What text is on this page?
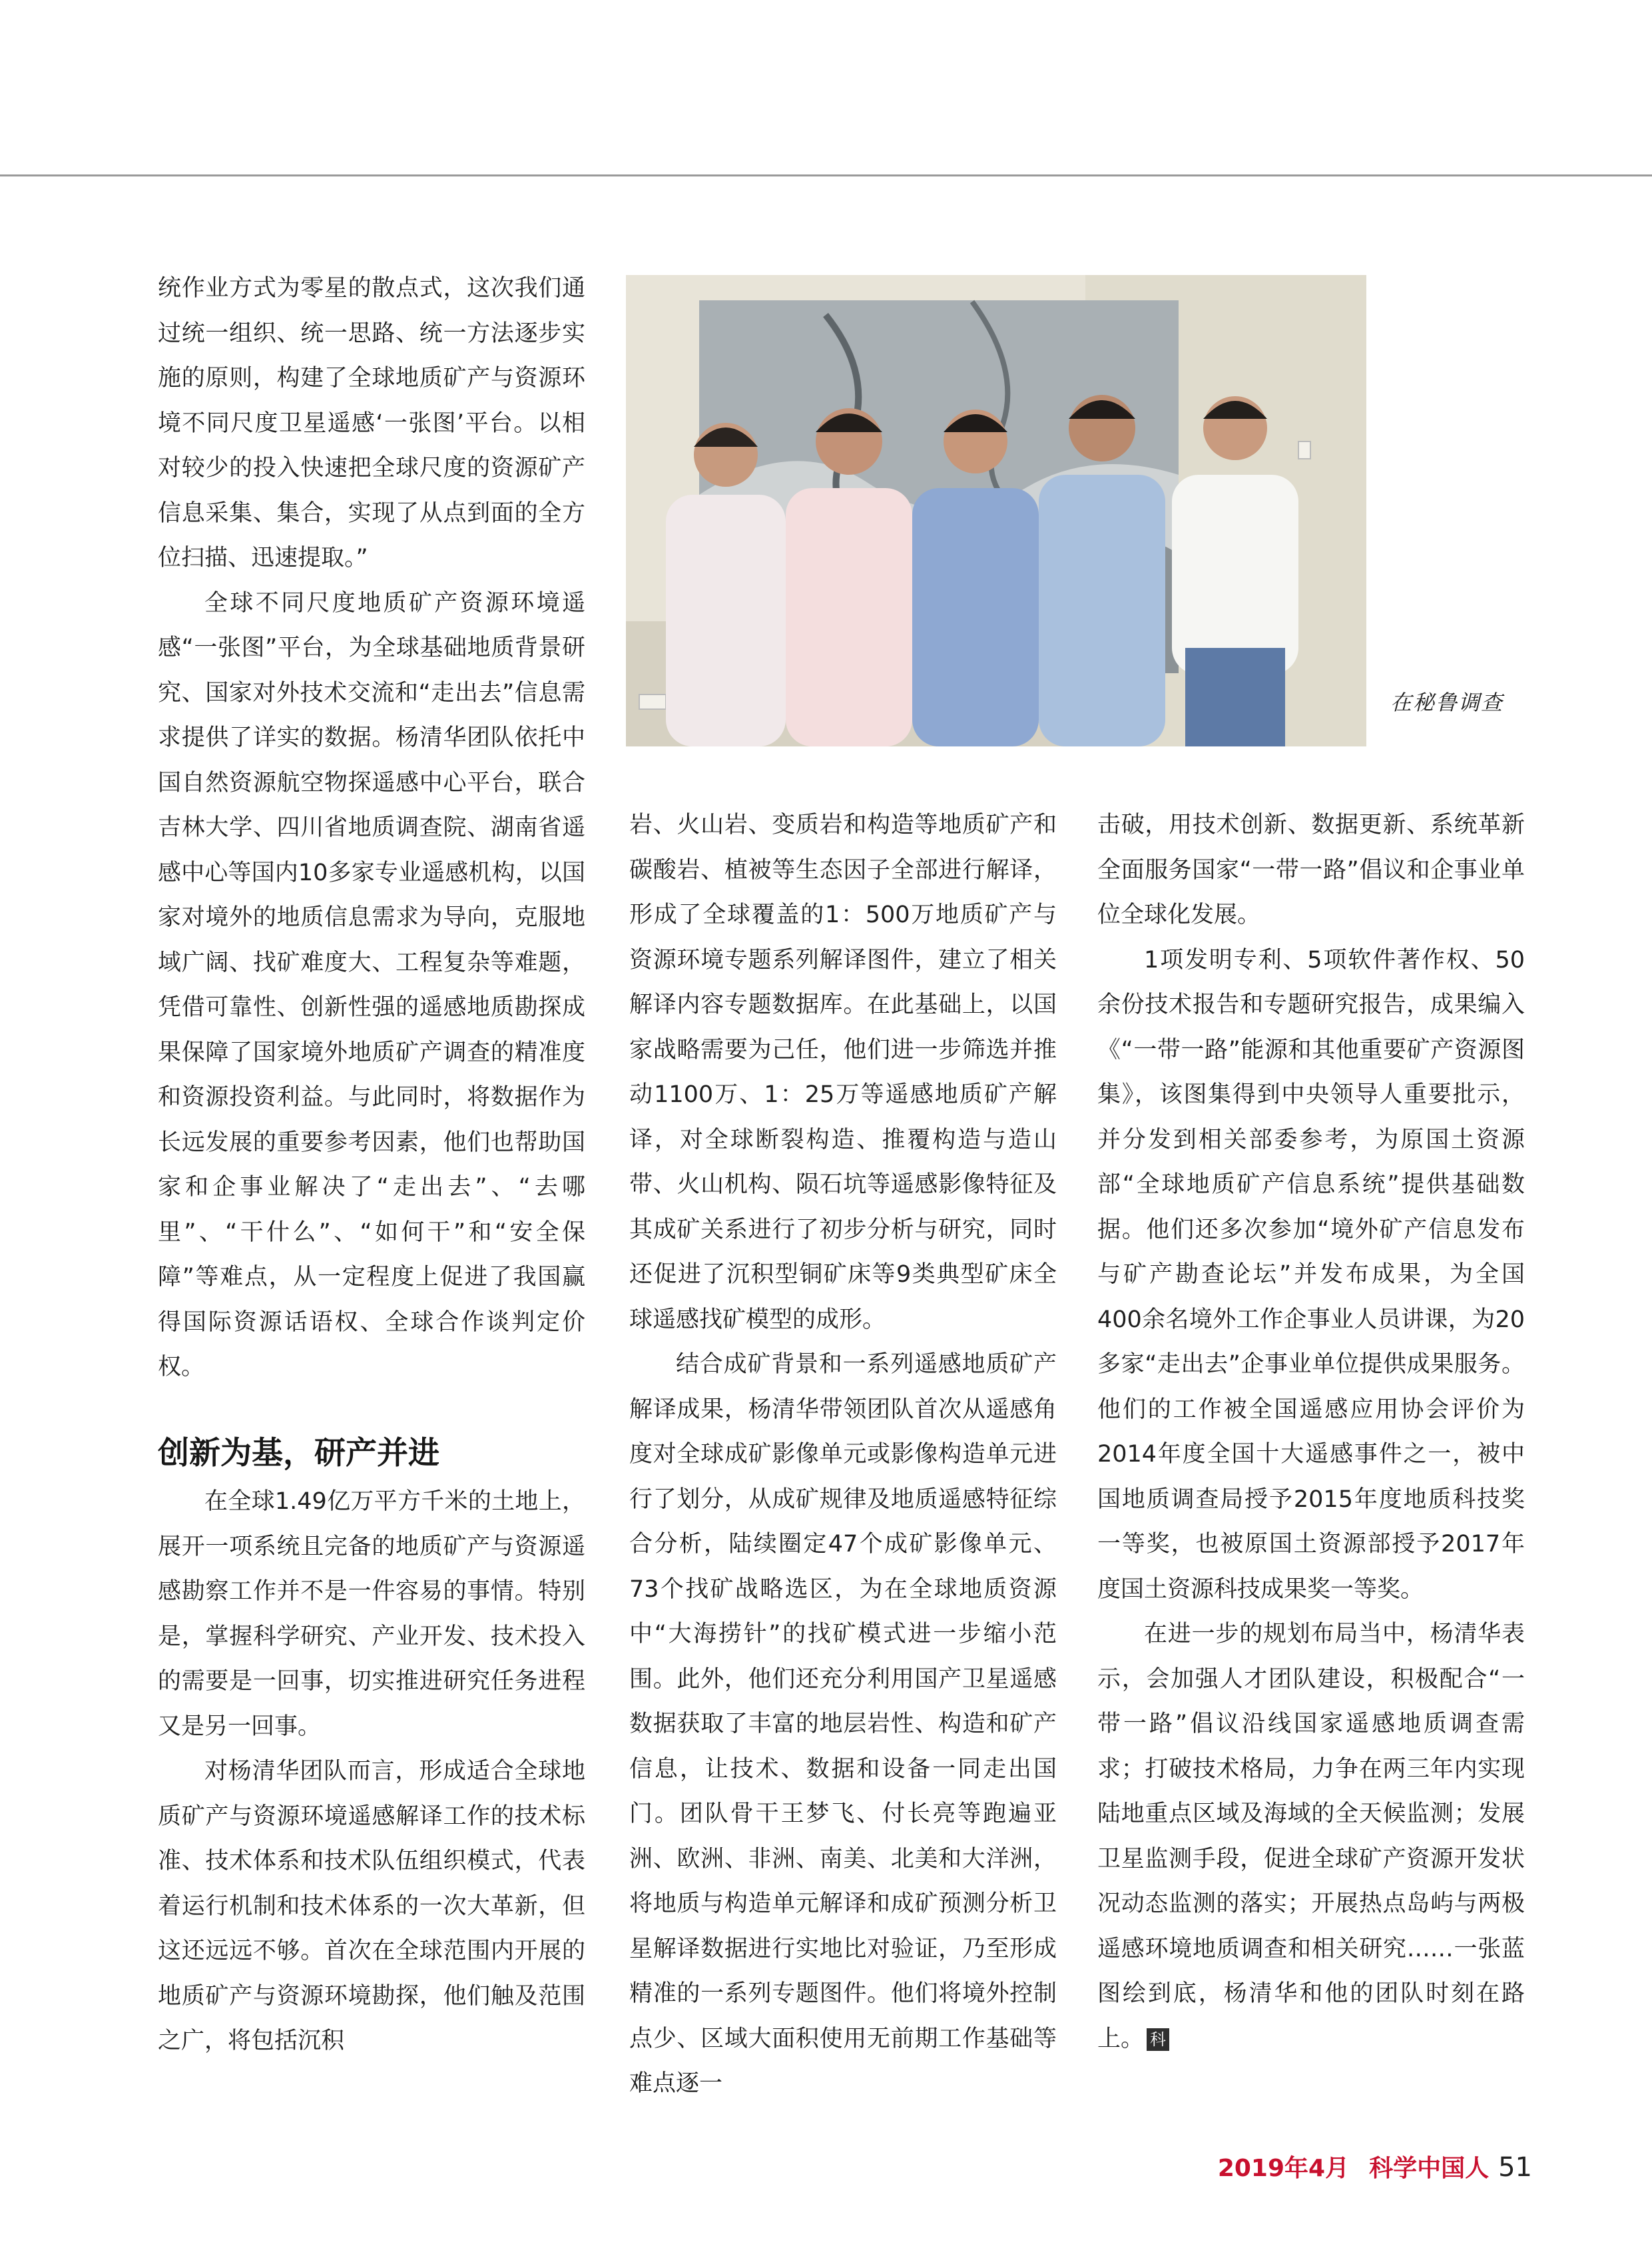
统作业方式为零星的散点式，这次我们通过统一组织、统一思路、统一方法逐步实施的原则，构建了全球地质矿产与资源环境不同尺度卫星遥感‘一张图’平台。以相对较少的投入快速把全球尺度的资源矿产信息采集、集合，实现了从点到面的全方位扫描、迅速提取。”

全球不同尺度地质矿产资源环境遥感“一张图”平台，为全球基础地质背景研究、国家对外技术交流和“走出去”信息需求提供了详实的数据。杨清华团队依托中国自然资源航空物探遥感中心平台，联合吉林大学、四川省地质调查院、湖南省遥感中心等国内10多家专业遥感机构，以国家对境外的地质信息需求为导向，克服地域广阔、找矿难度大、工程复杂等难题，凭借可靠性、创新性强的遥感地质勘探成果保障了国家境外地质矿产调查的精准度和资源投资利益。与此同时，将数据作为长远发展的重要参考因素，他们也帮助国家和企事业解决了“走出去”、“去哪里”、“干什么”、“如何干”和“安全保障”等难点，从一定程度上促进了我国赢得国际资源话语权、全球合作谈判定价权。

创新为基，研产并进

在全球1.49亿万平方千米的土地上，展开一项系统且完备的地质矿产与资源遥感勘察工作并不是一件容易的事情。特别是，掌握科学研究、产业开发、技术投入的需要是一回事，切实推进研究任务进程又是另一回事。

对杨清华团队而言，形成适合全球地质矿产与资源环境遥感解译工作的技术标准、技术体系和技术队伍组织模式，代表着运行机制和技术体系的一次大革新，但这还远远不够。首次在全球范围内开展的地质矿产与资源环境勘探，他们触及范围之广，将包括沉积

在秘鲁调查

岩、火山岩、变质岩和构造等地质矿产和碳酸岩、植被等生态因子全部进行解译，形成了全球覆盖的1：500万地质矿产与资源环境专题系列解译图件，建立了相关解译内容专题数据库。在此基础上，以国家战略需要为己任，他们进一步筛选并推动1100万、1：25万等遥感地质矿产解译，对全球断裂构造、推覆构造与造山带、火山机构、陨石坑等遥感影像特征及其成矿关系进行了初步分析与研究，同时还促进了沉积型铜矿床等9类典型矿床全球遥感找矿模型的成形。

结合成矿背景和一系列遥感地质矿产解译成果，杨清华带领团队首次从遥感角度对全球成矿影像单元或影像构造单元进行了划分，从成矿规律及地质遥感特征综合分析，陆续圈定47个成矿影像单元、73个找矿战略选区，为在全球地质资源中“大海捞针”的找矿模式进一步缩小范围。此外，他们还充分利用国产卫星遥感数据获取了丰富的地层岩性、构造和矿产信息，让技术、数据和设备一同走出国门。团队骨干王梦飞、付长亮等跑遍亚洲、欧洲、非洲、南美、北美和大洋洲，将地质与构造单元解译和成矿预测分析卫星解译数据进行实地比对验证，乃至形成精准的一系列专题图件。他们将境外控制点少、区域大面积使用无前期工作基础等难点逐一

击破，用技术创新、数据更新、系统革新全面服务国家“一带一路”倡议和企事业单位全球化发展。

1项发明专利、5项软件著作权、50余份技术报告和专题研究报告，成果编入《“一带一路”能源和其他重要矿产资源图集》，该图集得到中央领导人重要批示，并分发到相关部委参考，为原国土资源部“全球地质矿产信息系统”提供基础数据。他们还多次参加“境外矿产信息发布与矿产勘查论坛”并发布成果，为全国400余名境外工作企事业人员讲课，为20多家“走出去”企事业单位提供成果服务。他们的工作被全国遥感应用协会评价为2014年度全国十大遥感事件之一，被中国地质调查局授予2015年度地质科技奖一等奖，也被原国土资源部授予2017年度国土资源科技成果奖一等奖。

在进一步的规划布局当中，杨清华表示，会加强人才团队建设，积极配合“一带一路”倡议沿线国家遥感地质调查需求；打破技术格局，力争在两三年内实现陆地重点区域及海域的全天候监测；发展卫星监测手段，促进全球矿产资源开发状况动态监测的落实；开展热点岛屿与两极遥感环境地质调查和相关研究……一张蓝图绘到底，杨清华和他的团队时刻在路上。 科

2019年4月 科学中国人 51
